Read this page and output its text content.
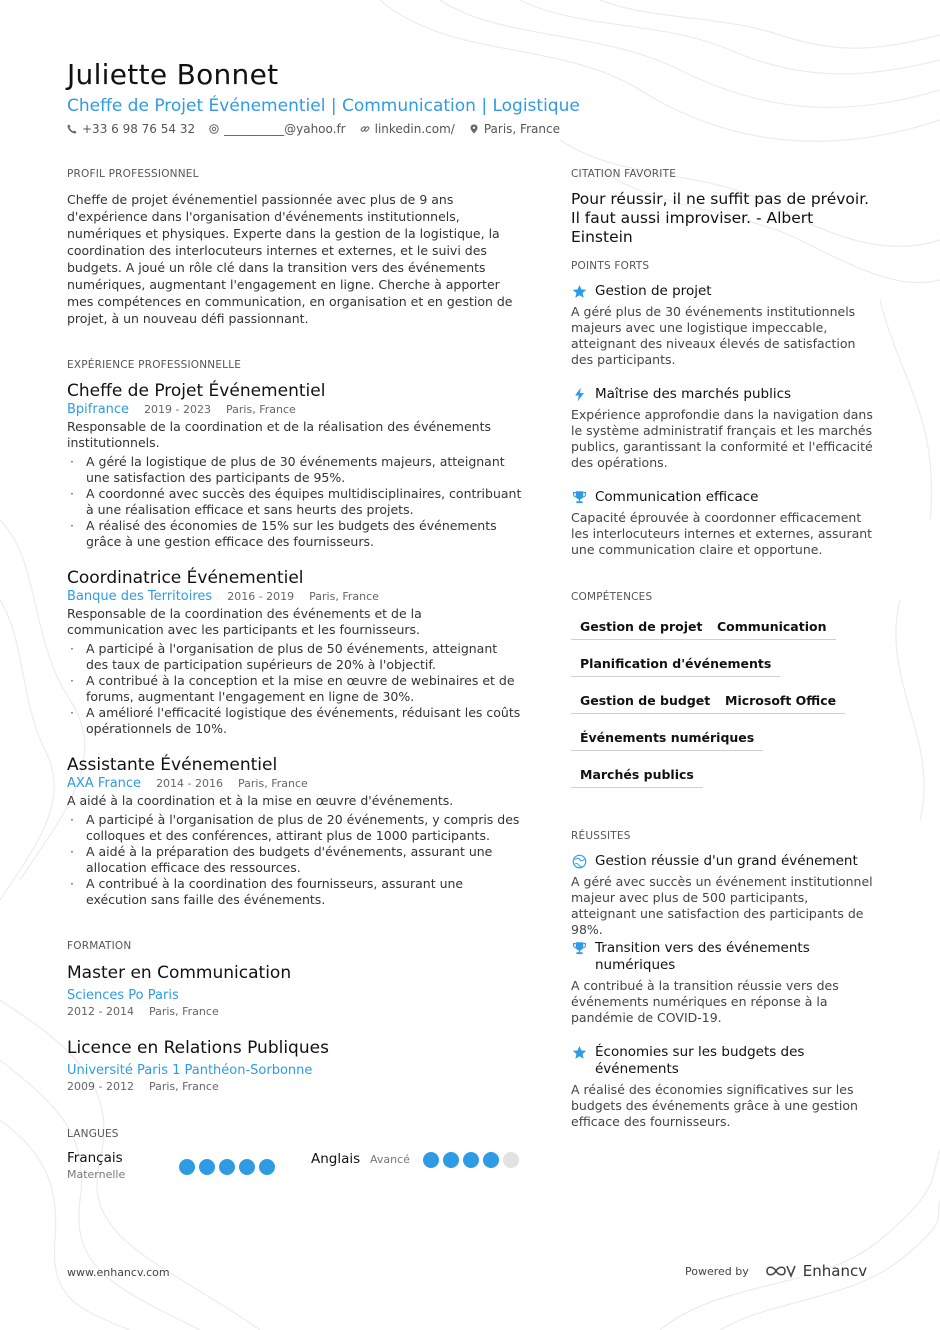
Juliette Bonnet
Cheffe de Projet Événementiel | Communication | Logistique
+33 6 98 76 54 32 __________@yahoo.fr linkedin.com/ Paris, France
PROFIL PROFESSIONNEL
Cheffe de projet événementiel passionnée avec plus de 9 ans d'expérience dans l'organisation d'événements institutionnels, numériques et physiques. Experte dans la gestion de la logistique, la coordination des interlocuteurs internes et externes, et le suivi des budgets. A joué un rôle clé dans la transition vers des événements numériques, augmentant l'engagement en ligne. Cherche à apporter mes compétences en communication, en organisation et en gestion de projet, à un nouveau défi passionnant.
EXPÉRIENCE PROFESSIONNELLE
Cheffe de Projet Événementiel
Bpifrance 2019 - 2023 Paris, France
Responsable de la coordination et de la réalisation des événements institutionnels.
· A géré la logistique de plus de 30 événements majeurs, atteignant une satisfaction des participants de 95%.
· A coordonné avec succès des équipes multidisciplinaires, contribuant à une réalisation efficace et sans heurts des projets.
· A réalisé des économies de 15% sur les budgets des événements grâce à une gestion efficace des fournisseurs.
Coordinatrice Événementiel
Banque des Territoires 2016 - 2019 Paris, France
Responsable de la coordination des événements et de la communication avec les participants et les fournisseurs.
· A participé à l'organisation de plus de 50 événements, atteignant des taux de participation supérieurs de 20% à l'objectif.
· A contribué à la conception et la mise en œuvre de webinaires et de forums, augmentant l'engagement en ligne de 30%.
· A amélioré l'efficacité logistique des événements, réduisant les coûts opérationnels de 10%.
Assistante Événementiel
AXA France 2014 - 2016 Paris, France
A aidé à la coordination et à la mise en œuvre d'événements.
· A participé à l'organisation de plus de 20 événements, y compris des colloques et des conférences, attirant plus de 1000 participants.
· A aidé à la préparation des budgets d'événements, assurant une allocation efficace des ressources.
· A contribué à la coordination des fournisseurs, assurant une exécution sans faille des événements.
FORMATION
Master en Communication
Sciences Po Paris
2012 - 2014 Paris, France
Licence en Relations Publiques
Université Paris 1 Panthéon-Sorbonne
2009 - 2012 Paris, France
LANGUES
Français
Maternelle
Anglais Avancé
CITATION FAVORITE
Pour réussir, il ne suffit pas de prévoir. Il faut aussi improviser. - Albert Einstein
POINTS FORTS
Gestion de projet
A géré plus de 30 événements institutionnels majeurs avec une logistique impeccable, atteignant des niveaux élevés de satisfaction des participants.
Maîtrise des marchés publics
Expérience approfondie dans la navigation dans le système administratif français et les marchés publics, garantissant la conformité et l'efficacité des opérations.
Communication efficace
Capacité éprouvée à coordonner efficacement les interlocuteurs internes et externes, assurant une communication claire et opportune.
COMPÉTENCES
Gestion de projet	Communication
Planification d'événements
Gestion de budget	Microsoft Office
Événements numériques
Marchés publics
RÉUSSITES
Gestion réussie d'un grand événement
A géré avec succès un événement institutionnel majeur avec plus de 500 participants, atteignant une satisfaction des participants de 98%.
Transition vers des événements numériques
A contribué à la transition réussie vers des événements numériques en réponse à la pandémie de COVID-19.
Économies sur les budgets des événements
A réalisé des économies significatives sur les budgets des événements grâce à une gestion efficace des fournisseurs.
www.enhancv.com	Powered by	Enhancv
